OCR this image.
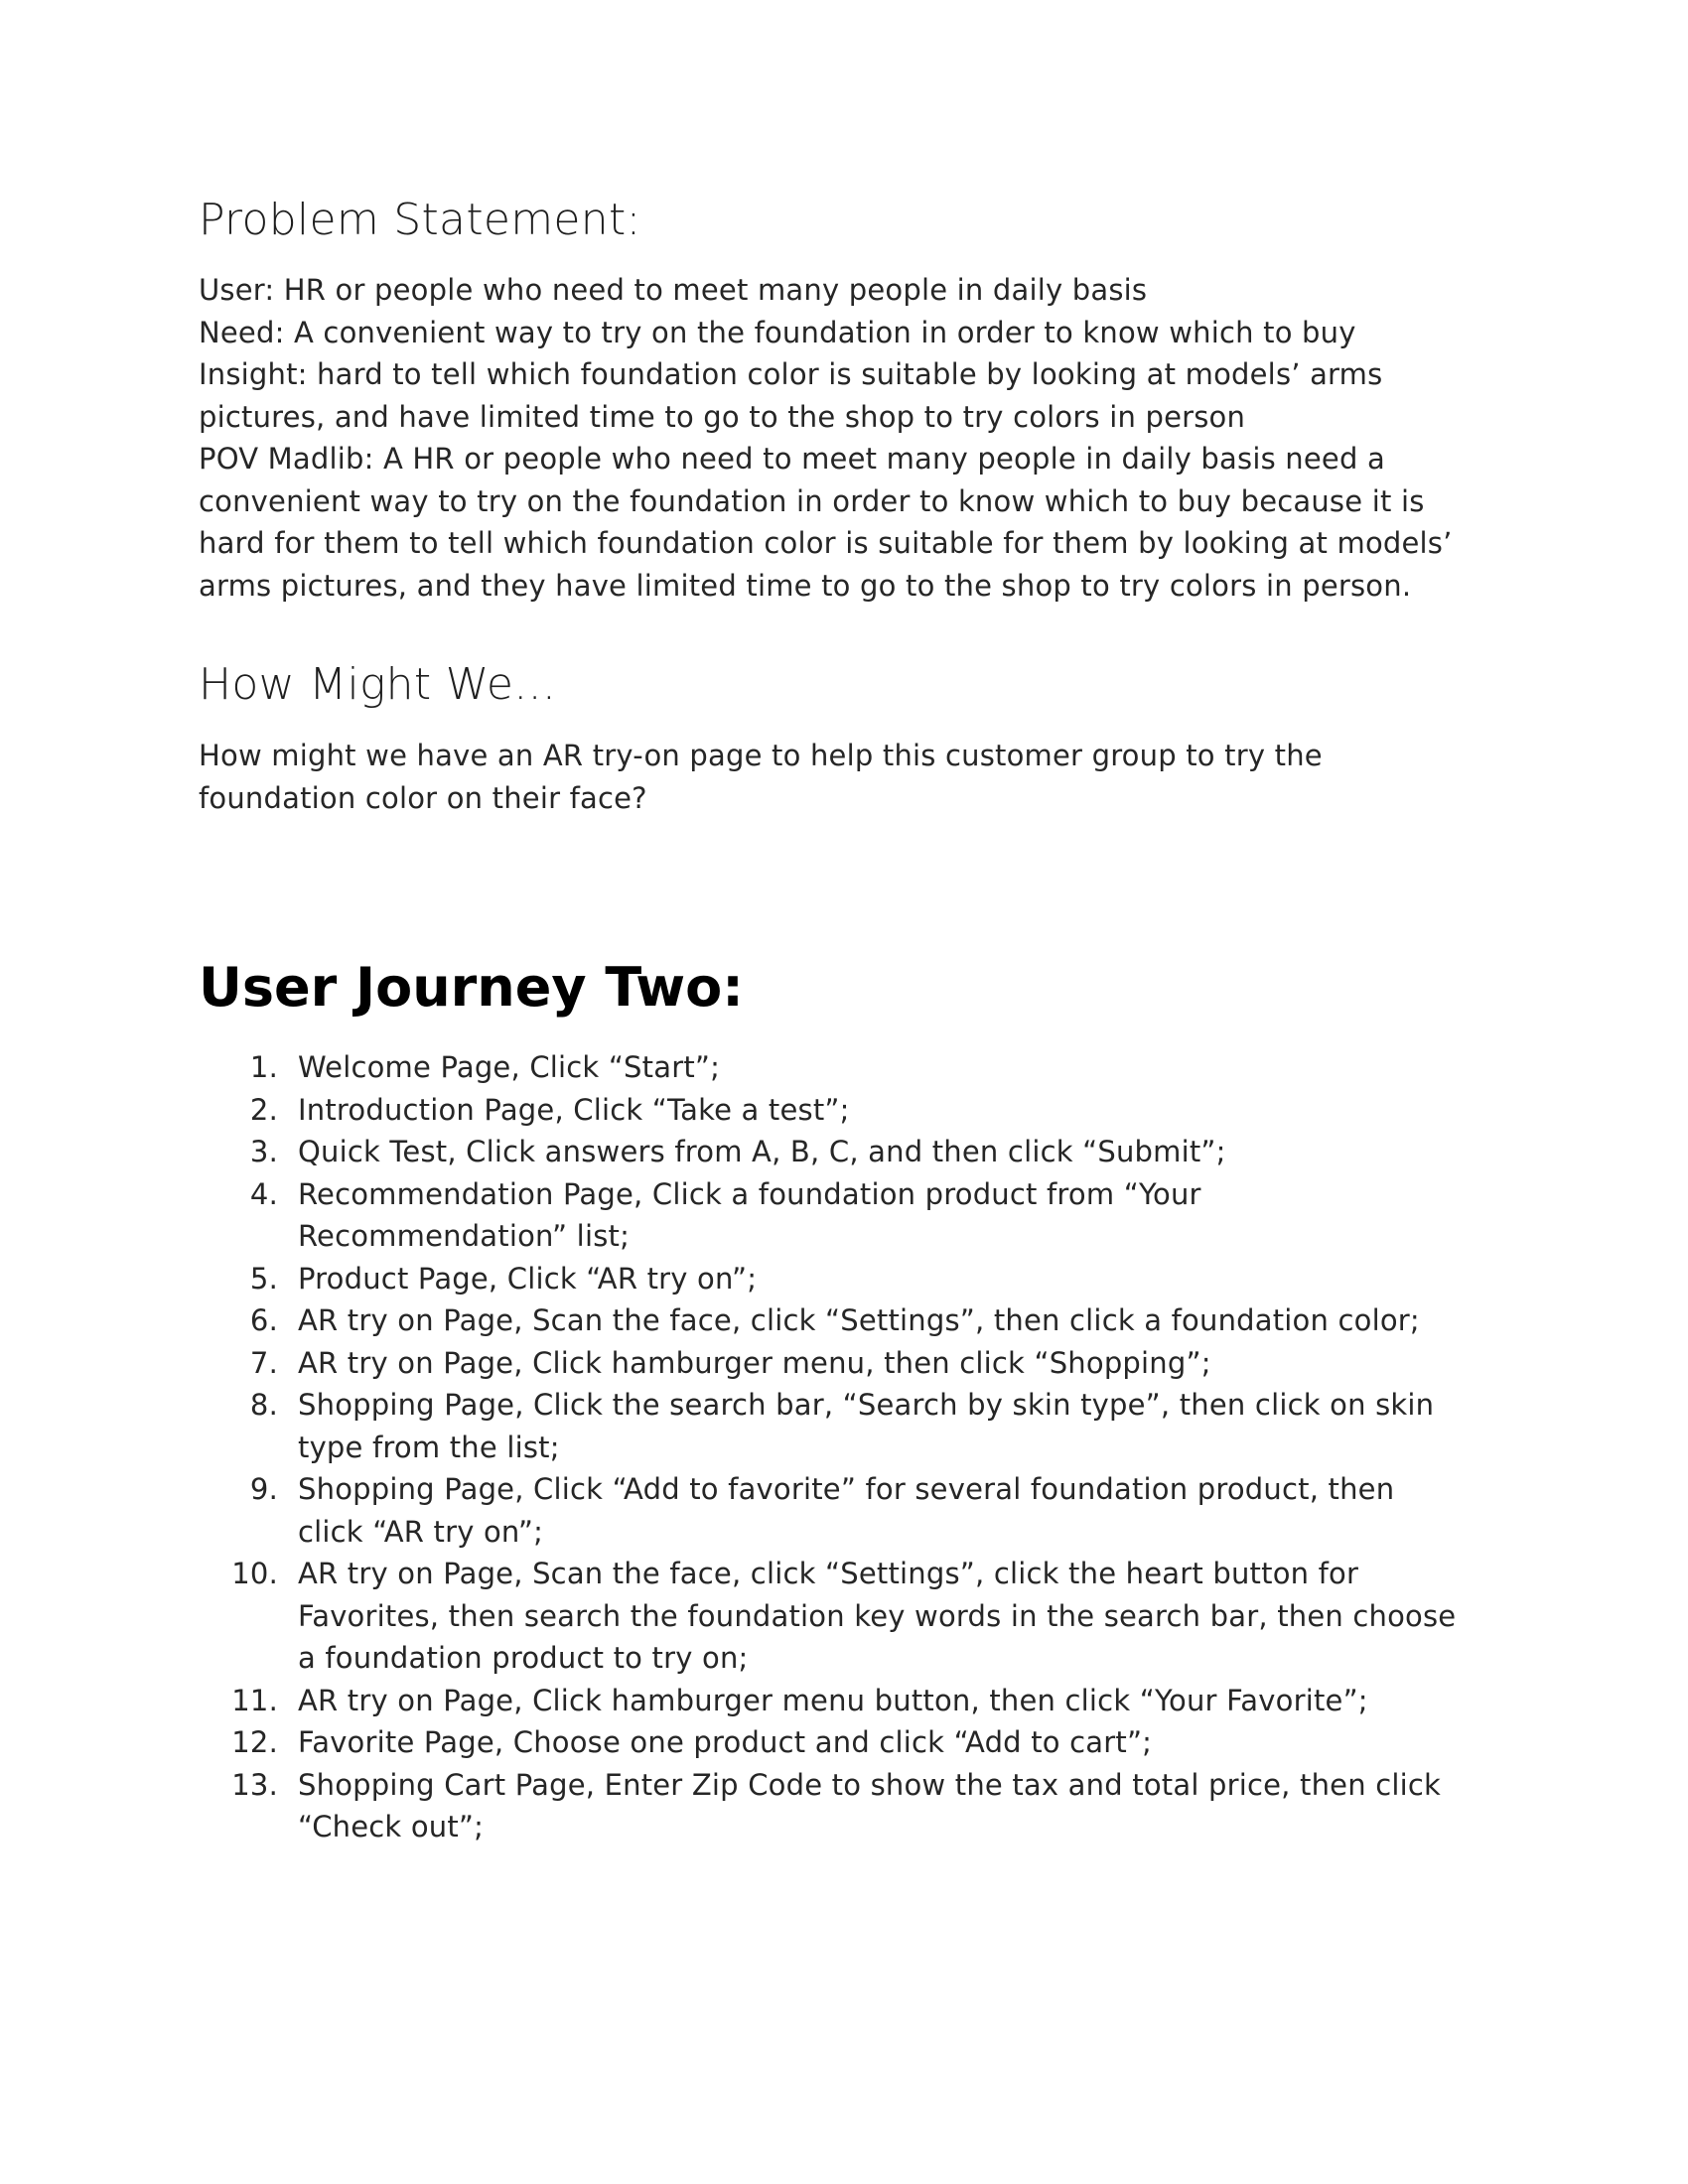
Problem Statement:

User: HR or people who need to meet many people in daily basis

Need: A convenient way to try on the foundation in order to know which to buy

Insight: hard to tell which foundation color is suitable by looking at models’ arms

pictures, and have limited time to go to the shop to try colors in person

POV Madlib: A HR or people who need to meet many people in daily basis need a

convenient way to try on the foundation in order to know which to buy because it is

hard for them to tell which foundation color is suitable for them by looking at models’

arms pictures, and they have limited time to go to the shop to try colors in person.

How Might We...

How might we have an AR try-on page to help this customer group to try the

foundation color on their face?

User Journey Two:
1. Welcome Page, Click “Start”;
2. Introduction Page, Click “Take a test”;
3. Quick Test, Click answers from A, B, C, and then click “Submit”;
4. Recommendation Page, Click a foundation product from “Your
Recommendation” list;
5. Product Page, Click “AR try on”;
6. AR try on Page, Scan the face, click “Settings”, then click a foundation color;
7. AR try on Page, Click hamburger menu, then click “Shopping”;
8. Shopping Page, Click the search bar, “Search by skin type”, then click on skin
type from the list;
9. Shopping Page, Click “Add to favorite” for several foundation product, then
click “AR try on”;
10. AR try on Page, Scan the face, click “Settings”, click the heart button for
Favorites, then search the foundation key words in the search bar, then choose
a foundation product to try on;
11. AR try on Page, Click hamburger menu button, then click “Your Favorite”;
12. Favorite Page, Choose one product and click “Add to cart”;
13. Shopping Cart Page, Enter Zip Code to show the tax and total price, then click
“Check out”;
